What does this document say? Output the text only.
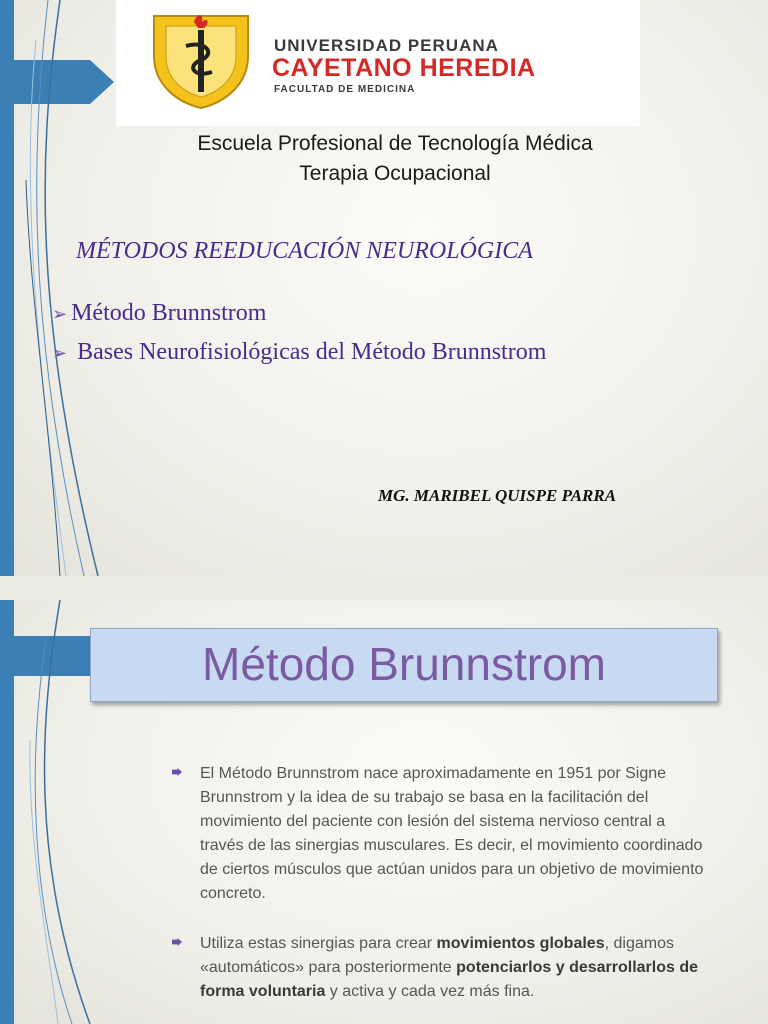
UNIVERSIDAD PERUANA
CAYETANO HEREDIA
FACULTAD DE MEDICINA
Escuela Profesional de Tecnología Médica
Terapia Ocupacional
MÉTODOS REEDUCACIÓN NEUROLÓGICA
➢ Método Brunnstrom
➢ Bases Neurofisiológicas del Método Brunnstrom
MG. MARIBEL QUISPE PARRA
Método Brunnstrom
El Método Brunnstrom nace aproximadamente en 1951 por Signe Brunnstrom y la idea de su trabajo se basa en la facilitación del movimiento del paciente con lesión del sistema nervioso central a través de las sinergias musculares. Es decir, el movimiento coordinado de ciertos músculos que actúan unidos para un objetivo de movimiento concreto.
Utiliza estas sinergias para crear movimientos globales, digamos «automáticos» para posteriormente potenciarlos y desarrollarlos de forma voluntaria y activa y cada vez más fina.
